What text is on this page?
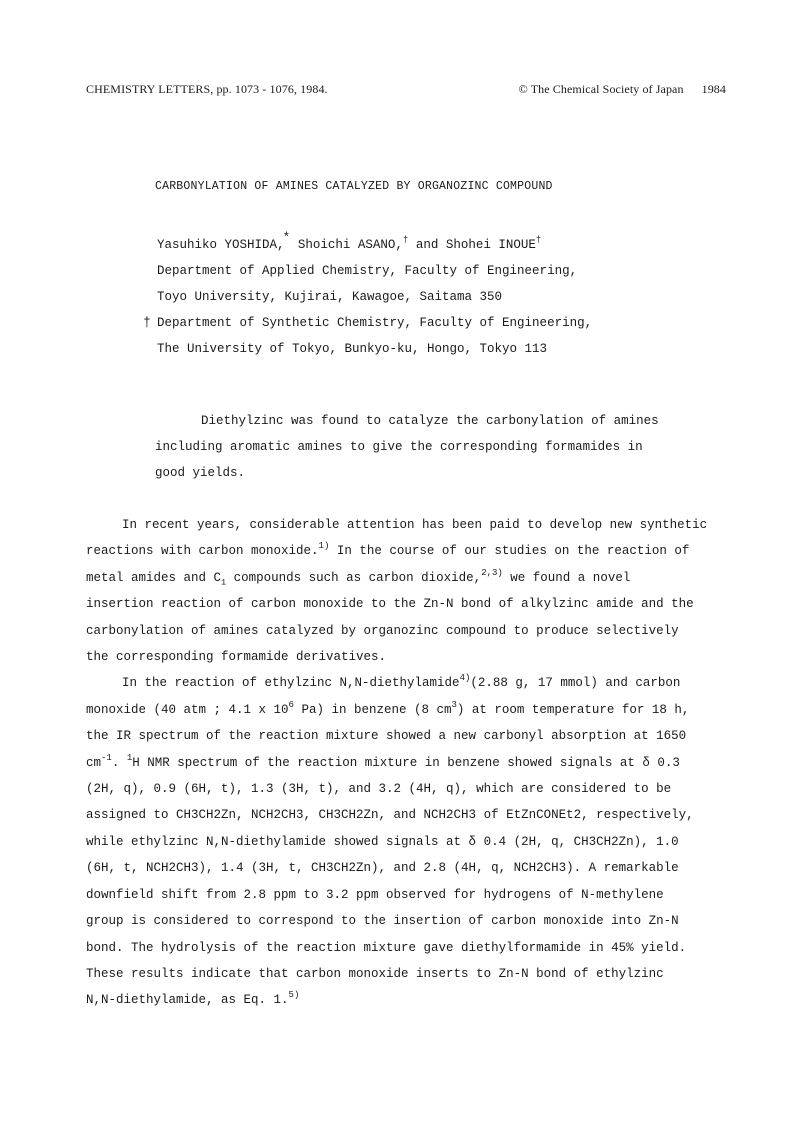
CHEMISTRY LETTERS, pp. 1073 - 1076, 1984.	© The Chemical Society of Japan 1984
CARBONYLATION OF AMINES CATALYZED BY ORGANOZINC COMPOUND
Yasuhiko YOSHIDA,* Shoichi ASANO,† and Shohei INOUE†
Department of Applied Chemistry, Faculty of Engineering,
Toyo University, Kujirai, Kawagoe, Saitama 350
† Department of Synthetic Chemistry, Faculty of Engineering,
The University of Tokyo, Bunkyo-ku, Hongo, Tokyo 113

Diethylzinc was found to catalyze the carbonylation of amines including aromatic amines to give the corresponding formamides in good yields.

In recent years, considerable attention has been paid to develop new synthetic
reactions with carbon monoxide.$^{1)}$ In the course of our studies on the reaction of
metal amides and $C_1$ compounds such as carbon dioxide,$^{2,3)}$ we found a novel
insertion reaction of carbon monoxide to the Zn-N bond of alkylzinc amide and the
carbonylation of amines catalyzed by organozinc compound to produce selectively
the corresponding formamide derivatives.
In the reaction of ethylzinc N,N-diethylamide$^{4)}$(2.88 g, 17 mmol) and carbon
monoxide (40 atm ; 4.1 x $10^6$ Pa) in benzene (8 $cm^3$) at room temperature for 18 h,
the IR spectrum of the reaction mixture showed a new carbonyl absorption at 1650
$cm^{-1}$. $^1$H NMR spectrum of the reaction mixture in benzene showed signals at δ 0.3
(2H, q), 0.9 (6H, t), 1.3 (3H, t), and 3.2 (4H, q), which are considered to be
assigned to CH3CH2Zn, NCH2CH3, CH3CH2Zn, and NCH2CH3 of EtZnCONEt2, respectively,
while ethylzinc N,N-diethylamide showed signals at δ 0.4 (2H, q, CH3CH2Zn), 1.0
(6H, t, NCH2CH3), 1.4 (3H, t, CH3CH2Zn), and 2.8 (4H, q, NCH2CH3). A remarkable
downfield shift from 2.8 ppm to 3.2 ppm observed for hydrogens of N-methylene
group is considered to correspond to the insertion of carbon monoxide into Zn-N
bond. The hydrolysis of the reaction mixture gave diethylformamide in 45% yield.
These results indicate that carbon monoxide inserts to Zn-N bond of ethylzinc
N,N-diethylamide, as Eq. 1.$^{5)}$
